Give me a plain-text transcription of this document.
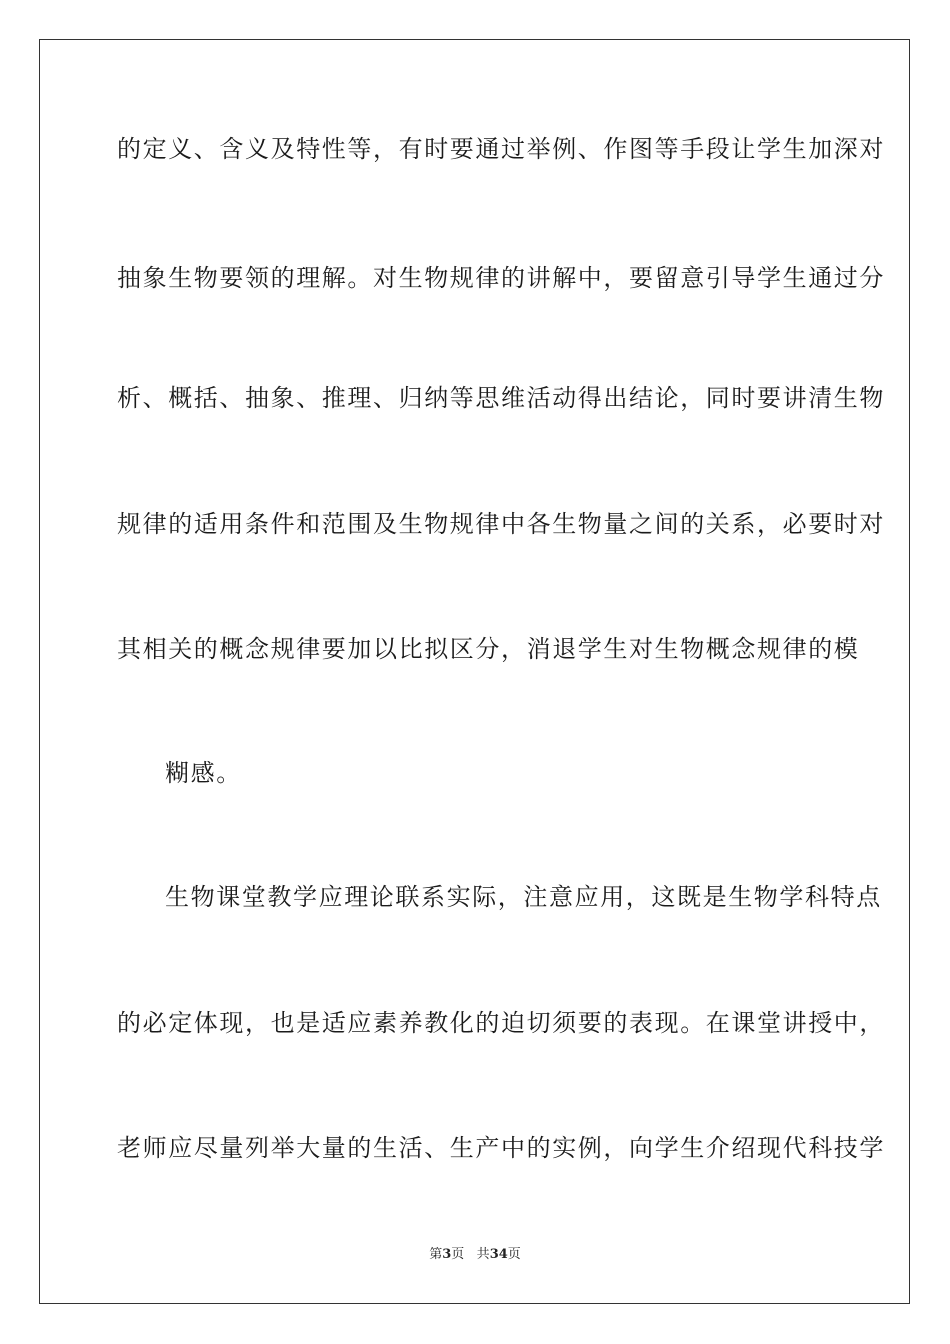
的定义、含义及特性等，有时要通过举例、作图等手段让学生加深对
抽象生物要领的理解。对生物规律的讲解中，要留意引导学生通过分
析、概括、抽象、推理、归纳等思维活动得出结论，同时要讲清生物
规律的适用条件和范围及生物规律中各生物量之间的关系，必要时对
其相关的概念规律要加以比拟区分，消退学生对生物概念规律的模
糊感。
生物课堂教学应理论联系实际，注意应用，这既是生物学科特点
的必定体现，也是适应素养教化的迫切须要的表现。在课堂讲授中，
老师应尽量列举大量的生活、生产中的实例，向学生介绍现代科技学
第3页 共34页
